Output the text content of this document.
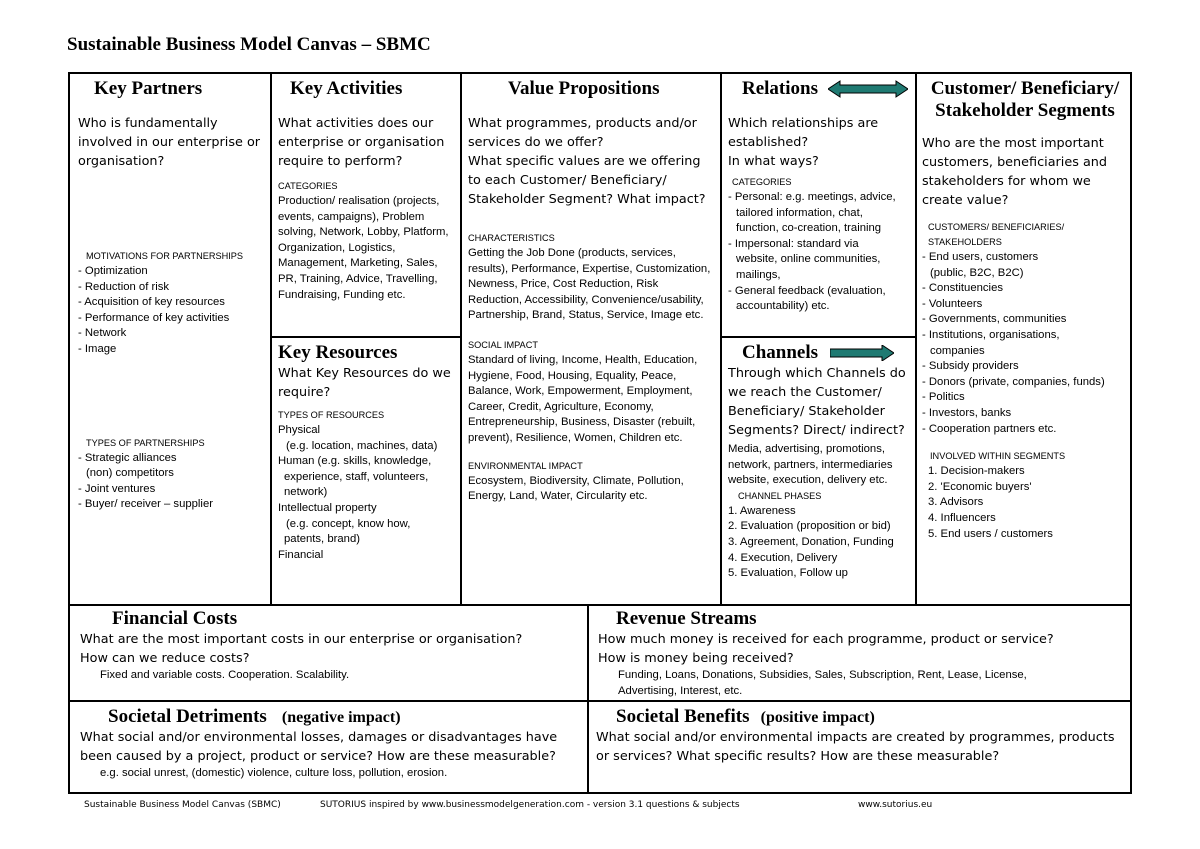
Sustainable Business Model Canvas – SBMC
Key Partners

Who is fundamentally involved in our enterprise or organisation?

MOTIVATIONS FOR PARTNERSHIPS

- Optimization

- Reduction of risk

- Acquisition of key resources

- Performance of key activities

- Network

- Image

TYPES OF PARTNERSHIPS

- Strategic alliances

(non) competitors

- Joint ventures

- Buyer/ receiver – supplier

Key Activities

What activities does our enterprise or organisation require to perform?

CATEGORIES

Production/ realisation (projects, events, campaigns), Problem solving, Network, Lobby, Platform, Organization, Logistics, Management, Marketing, Sales, PR, Training, Advice, Travelling, Fundraising, Funding etc.

Key Resources

What Key Resources do we require?

TYPES OF RESOURCES

Physical

(e.g. location, machines, data)

Human (e.g. skills, knowledge,

experience, staff, volunteers,

network)

Intellectual property

(e.g. concept, know how,

patents, brand)

Financial

Value Propositions

What programmes, products and/or services do we offer?

What specific values are we offering to each Customer/ Beneficiary/ Stakeholder Segment? What impact?

CHARACTERISTICS

Getting the Job Done (products, services, results), Performance, Expertise, Customization, Newness, Price, Cost Reduction, Risk Reduction, Accessibility, Convenience/usability, Partnership, Brand, Status, Service, Image etc.

SOCIAL IMPACT

Standard of living, Income, Health, Education, Hygiene, Food, Housing, Equality, Peace, Balance, Work, Empowerment, Employment, Career, Credit, Agriculture, Economy, Entrepreneurship, Business, Disaster (rebuilt, prevent), Resilience, Women, Children etc.

ENVIRONMENTAL IMPACT

Ecosystem, Biodiversity, Climate, Pollution, Energy, Land, Water, Circularity etc.

Relations

Which relationships are established?

In what ways?

CATEGORIES

- Personal: e.g. meetings, advice,

tailored information, chat,

function, co-creation, training

- Impersonal: standard via

website, online communities,

mailings,

- General feedback (evaluation,

accountability) etc.

Channels

Through which Channels do we reach the Customer/ Beneficiary/ Stakeholder Segments? Direct/ indirect?

Media, advertising, promotions, network, partners, intermediaries website, execution, delivery etc.

CHANNEL PHASES

1. Awareness

2. Evaluation (proposition or bid)

3. Agreement, Donation, Funding

4. Execution, Delivery

5. Evaluation, Follow up

Customer/ Beneficiary/ Stakeholder Segments

Who are the most important customers, beneficiaries and stakeholders for whom we create value?

CUSTOMERS/ BENEFICIARIES/ STAKEHOLDERS

- End users, customers

(public, B2C, B2C)

- Constituencies

- Volunteers

- Governments, communities

- Institutions, organisations,

companies

- Subsidy providers

- Donors (private, companies, funds)

- Politics

- Investors, banks

- Cooperation partners etc.

INVOLVED WITHIN SEGMENTS

1. Decision-makers

2. 'Economic buyers'

3. Advisors

4. Influencers

5. End users / customers

Financial Costs

What are the most important costs in our enterprise or organisation?

How can we reduce costs?

Fixed and variable costs. Cooperation. Scalability.

Revenue Streams

How much money is received for each programme, product or service?

How is money being received?

Funding, Loans, Donations, Subsidies, Sales, Subscription, Rent, Lease, License, Advertising, Interest, etc.

Societal Detriments (negative impact)

What social and/or environmental losses, damages or disadvantages have been caused by a project, product or service? How are these measurable?

e.g. social unrest, (domestic) violence, culture loss, pollution, erosion.

Societal Benefits (positive impact)

What social and/or environmental impacts are created by programmes, products or services? What specific results? How are these measurable?

Sustainable Business Model Canvas (SBMC)	SUTORIUS inspired by www.businessmodelgeneration.com - version 3.1 questions & subjects	www.sutorius.eu
